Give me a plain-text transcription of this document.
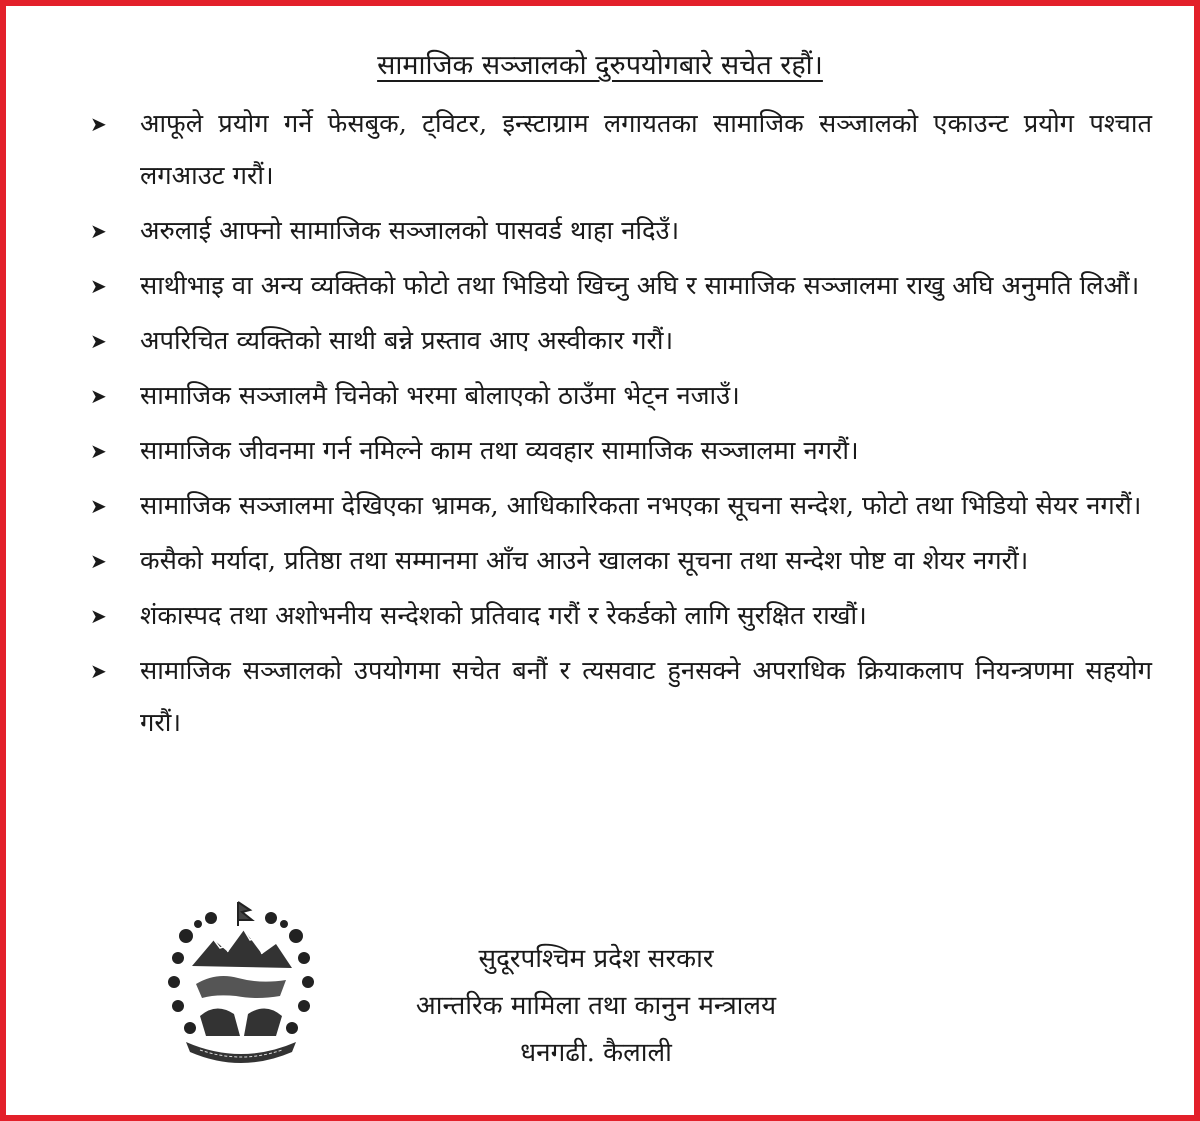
सामाजिक सञ्जालको दुरुपयोगबारे सचेत रहौं।
➤	आफूले प्रयोग गर्ने फेसबुक, ट्विटर, इन्स्टाग्राम लगायतका सामाजिक सञ्जालको एकाउन्ट प्रयोग पश्चात लगआउट गरौं।
➤	अरुलाई आफ्नो सामाजिक सञ्जालको पासवर्ड थाहा नदिउँ।
➤	साथीभाइ वा अन्य व्यक्तिको फोटो तथा भिडियो खिच्नु अघि र सामाजिक सञ्जालमा राखु अघि अनुमति लिऔं।
➤	अपरिचित व्यक्तिको साथी बन्ने प्रस्ताव आए अस्वीकार गरौं।
➤	सामाजिक सञ्जालमै चिनेको भरमा बोलाएको ठाउँमा भेट्न नजाउँ।
➤	सामाजिक जीवनमा गर्न नमिल्ने काम तथा व्यवहार सामाजिक सञ्जालमा नगरौं।
➤	सामाजिक सञ्जालमा देखिएका भ्रामक, आधिकारिकता नभएका सूचना सन्देश, फोटो तथा भिडियो सेयर नगरौं।
➤	कसैको मर्यादा, प्रतिष्ठा तथा सम्मानमा आँच आउने खालका सूचना तथा सन्देश पोष्ट वा शेयर नगरौं।
➤	शंकास्पद तथा अशोभनीय सन्देशको प्रतिवाद गरौं र रेकर्डको लागि सुरक्षित राखौं।
➤	सामाजिक सञ्जालको उपयोगमा सचेत बनौं र त्यसवाट हुनसक्ने अपराधिक क्रियाकलाप नियन्त्रणमा सहयोग गरौं।
सुदूरपश्चिम प्रदेश सरकार
आन्तरिक मामिला तथा कानुन मन्त्रालय
धनगढी. कैलाली
